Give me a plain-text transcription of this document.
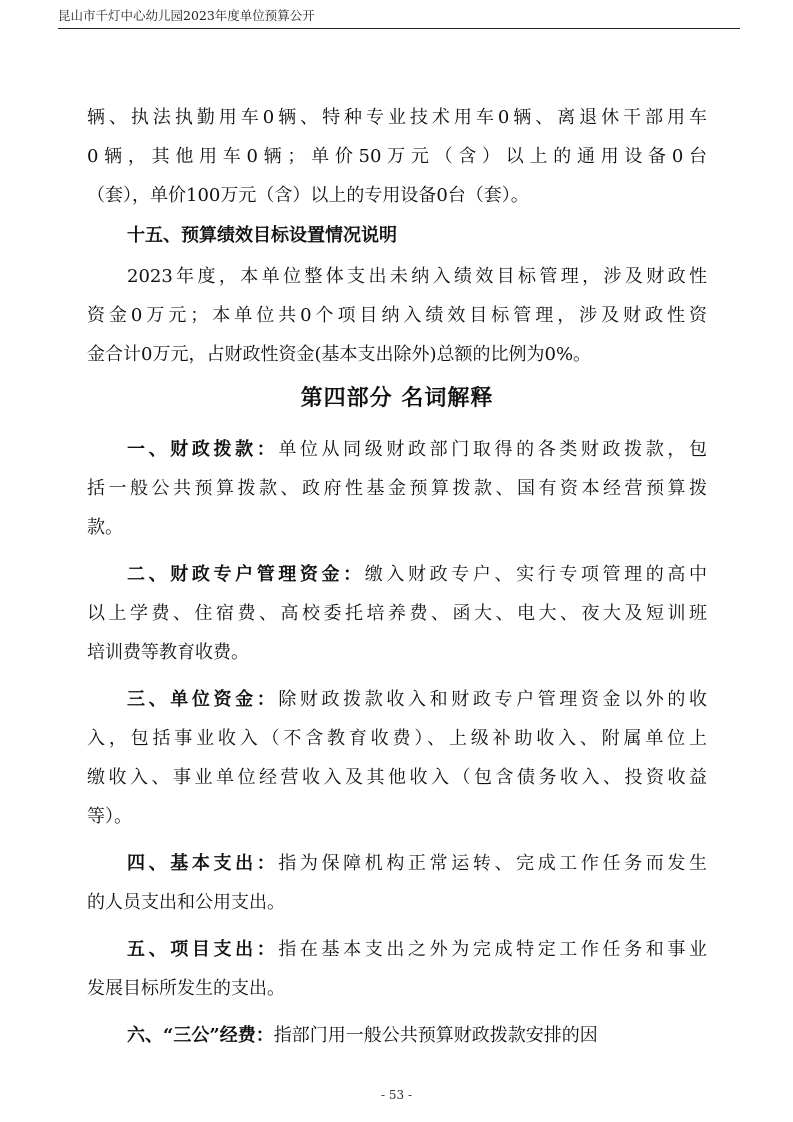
昆山市千灯中心幼儿园2023年度单位预算公开
辆、执法执勤用车0辆、特种专业技术用车0辆、离退休干部用车
0辆，其他用车0辆；单价50万元（含）以上的通用设备0台
（套），单价100万元（含）以上的专用设备0台（套）。
十五、预算绩效目标设置情况说明
2023年度，本单位整体支出未纳入绩效目标管理，涉及财政性
资金0万元；本单位共0个项目纳入绩效目标管理，涉及财政性资
金合计0万元，占财政性资金(基本支出除外)总额的比例为0%。
第四部分 名词解释
一、财政拨款：单位从同级财政部门取得的各类财政拨款，包
括一般公共预算拨款、政府性基金预算拨款、国有资本经营预算拨
款。
二、财政专户管理资金：缴入财政专户、实行专项管理的高中
以上学费、住宿费、高校委托培养费、函大、电大、夜大及短训班
培训费等教育收费。
三、单位资金：除财政拨款收入和财政专户管理资金以外的收
入，包括事业收入（不含教育收费）、上级补助收入、附属单位上
缴收入、事业单位经营收入及其他收入（包含债务收入、投资收益
等）。
四、基本支出：指为保障机构正常运转、完成工作任务而发生
的人员支出和公用支出。
五、项目支出：指在基本支出之外为完成特定工作任务和事业
发展目标所发生的支出。
六、“三公”经费：指部门用一般公共预算财政拨款安排的因
- 53 -
